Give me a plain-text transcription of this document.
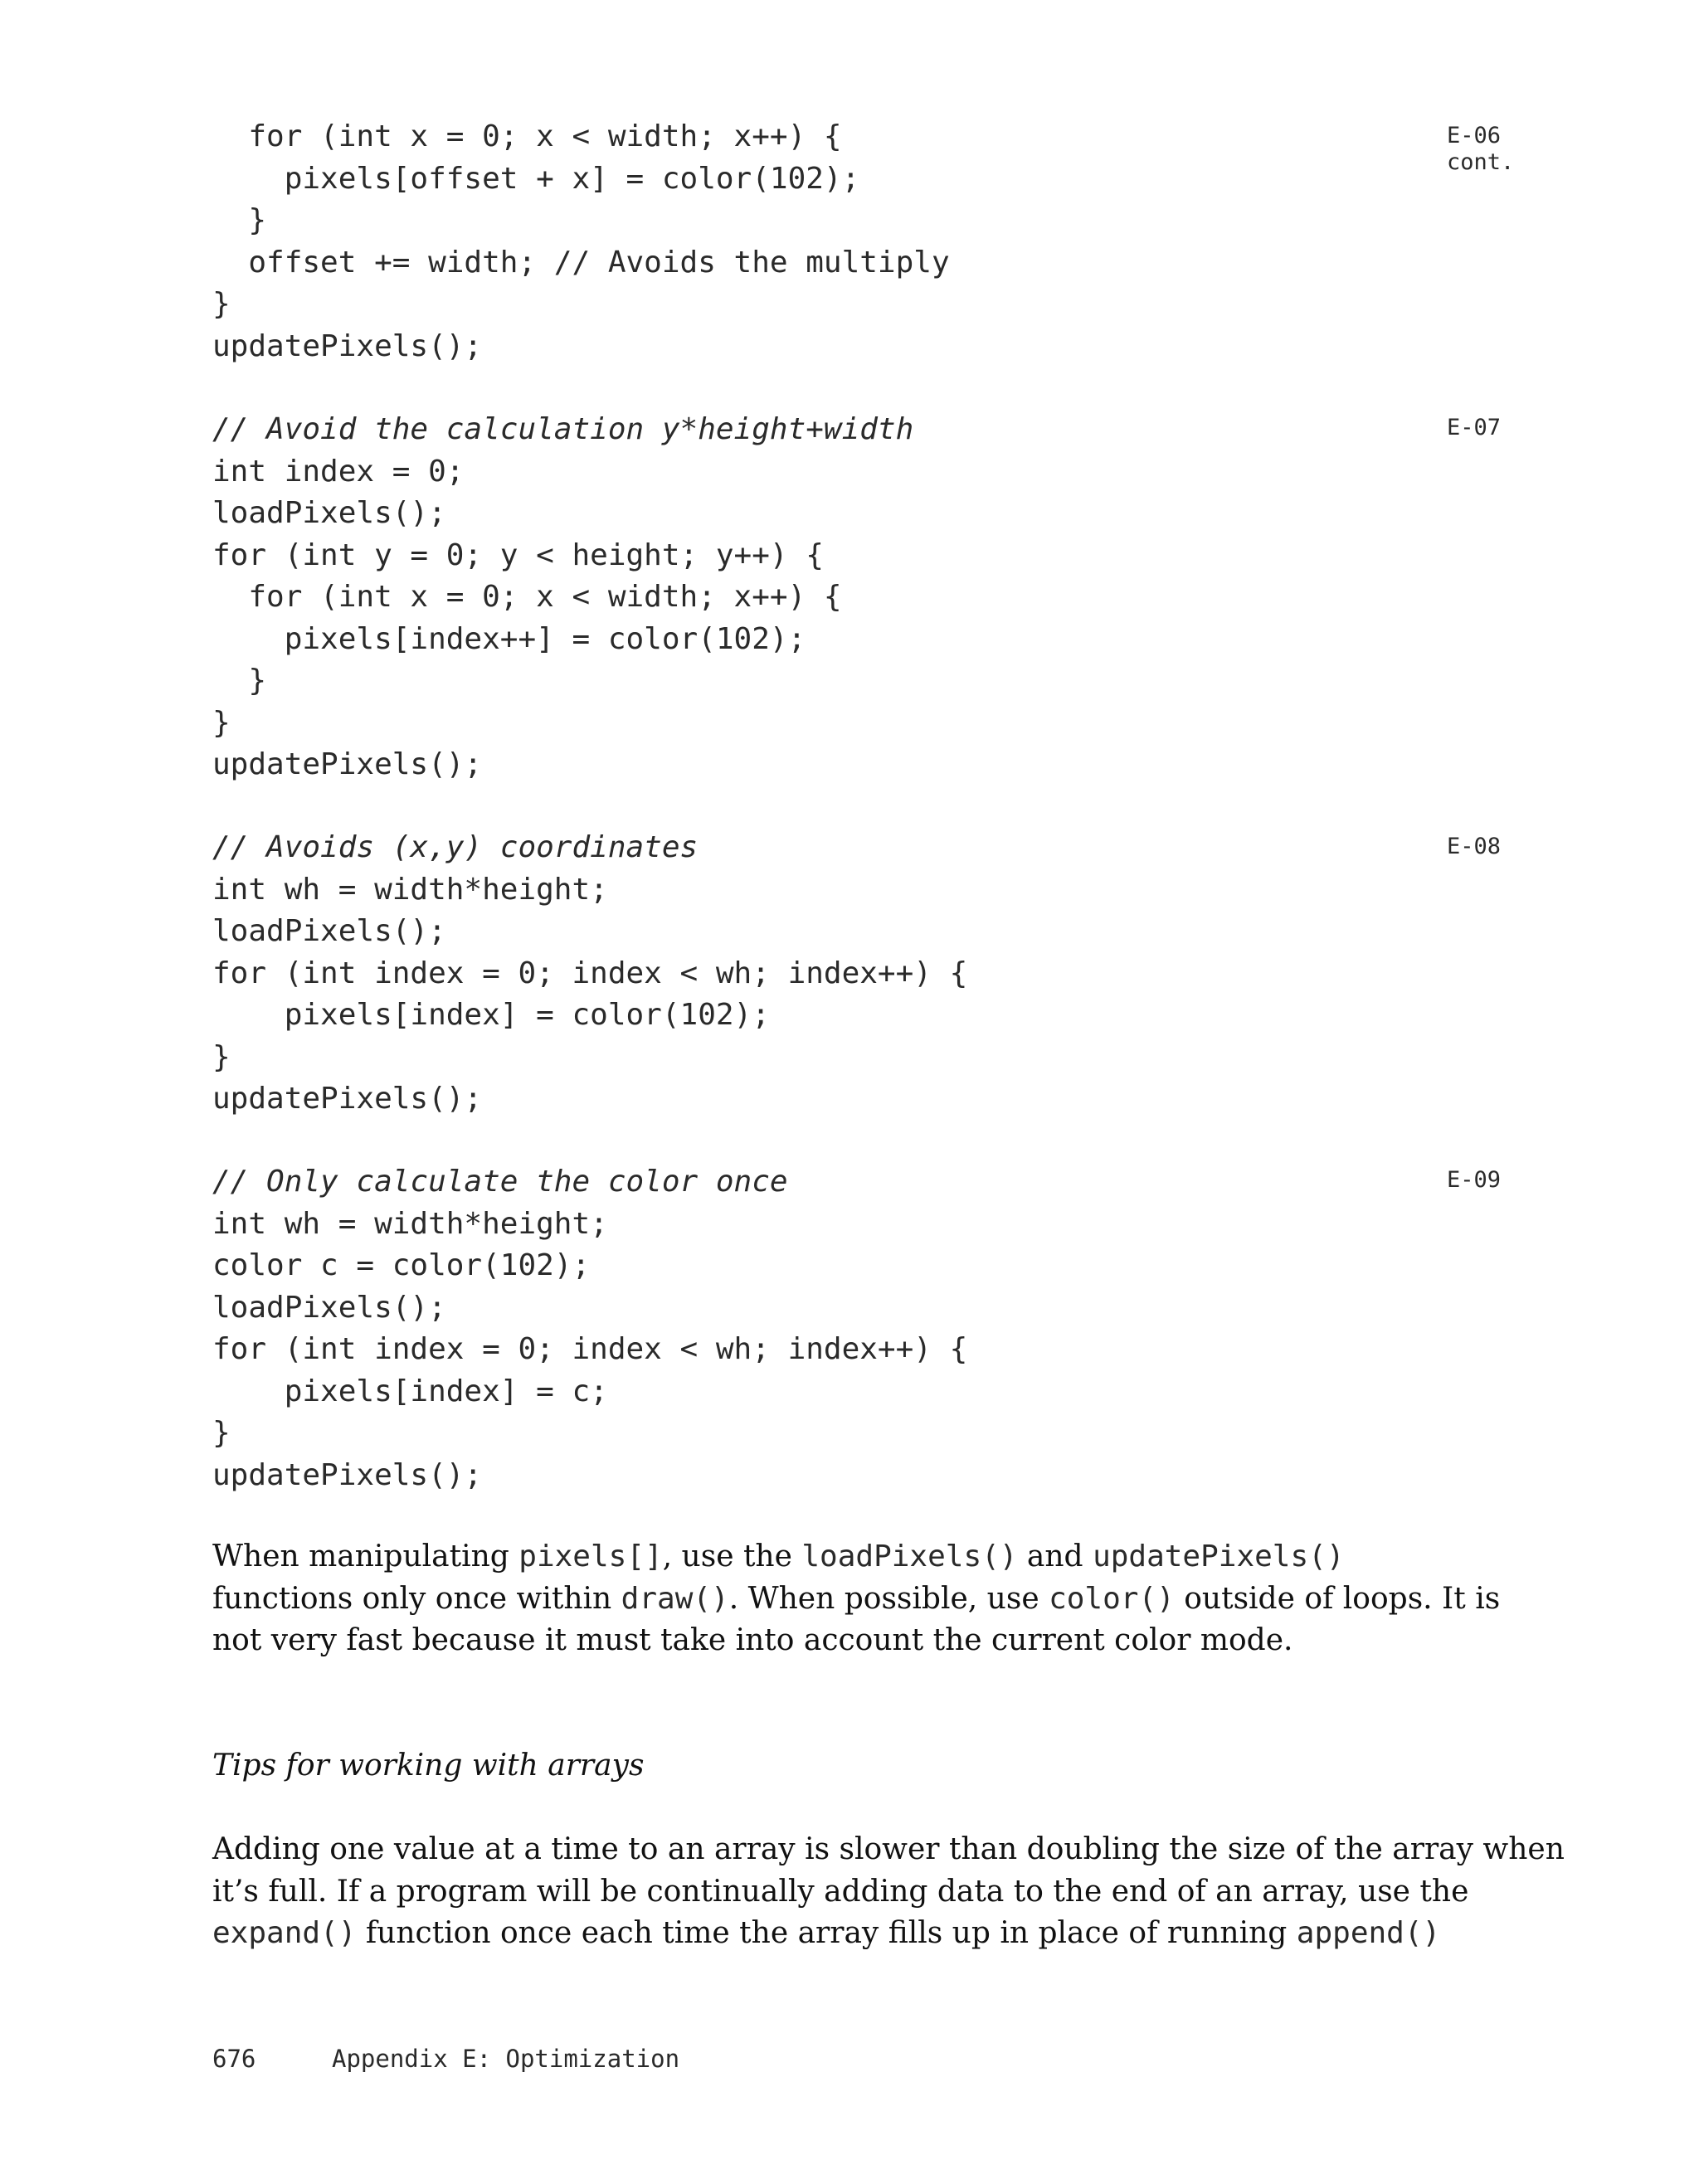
for (int x = 0; x < width; x++) {
pixels[offset + x] = color(102);
}
offset += width; // Avoids the multiply
}
updatePixels();
E-06
cont.
// Avoid the calculation y*height+width
int index = 0;
loadPixels();
for (int y = 0; y < height; y++) {
for (int x = 0; x < width; x++) {
pixels[index++] = color(102);
}
}
updatePixels();
E-07
// Avoids (x,y) coordinates
int wh = width*height;
loadPixels();
for (int index = 0; index < wh; index++) {
pixels[index] = color(102);
}
updatePixels();
E-08
// Only calculate the color once
int wh = width*height;
color c = color(102);
loadPixels();
for (int index = 0; index < wh; index++) {
pixels[index] = c;
}
updatePixels();
E-09
When manipulating pixels[], use the loadPixels() and updatePixels()
functions only once within draw(). When possible, use color() outside of loops. It is
not very fast because it must take into account the current color mode.
Tips for working with arrays
Adding one value at a time to an array is slower than doubling the size of the array when
it’s full. If a program will be continually adding data to the end of an array, use the
expand() function once each time the array fills up in place of running append()
676	Appendix E: Optimization
